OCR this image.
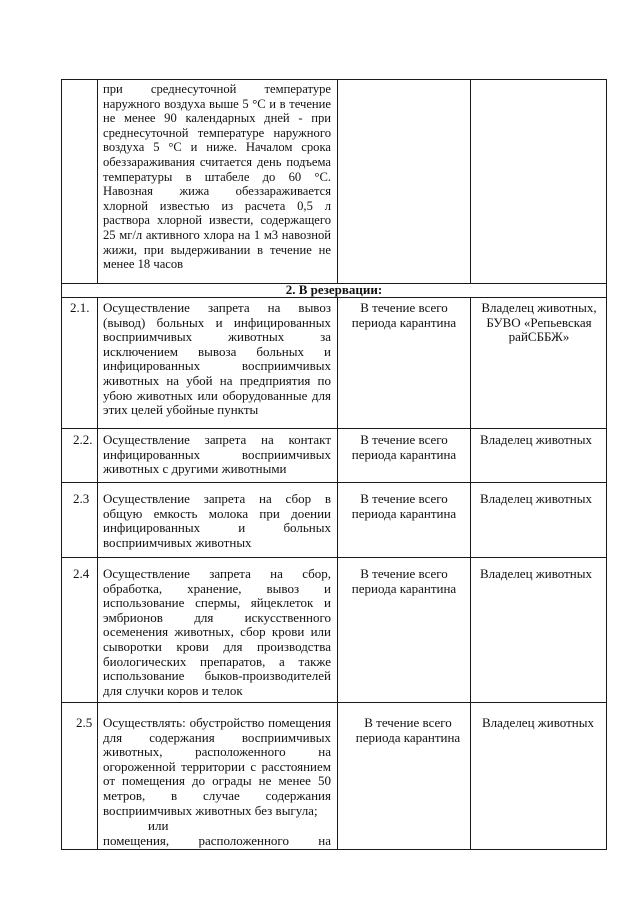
при среднесуточной температуре наружного воздуха выше 5 °С и в течение не менее 90 календарных дней - при среднесуточной температуре наружного воздуха 5 °С и ниже. Началом срока обеззараживания считается день подъема температуры в штабеле до 60 °С. Навозная жижа обеззараживается хлорной известью из расчета 0,5 л раствора хлорной извести, содержащего 25 мг/л активного хлора на 1 м3 навозной жижи, при выдерживании в течение не менее 18 часов
2. В резервации:
2.1. Осуществление запрета на вывоз (вывод) больных и инфицированных восприимчивых животных за исключением вывоза больных и инфицированных восприимчивых животных на убой на предприятия по убою животных или оборудованные для этих целей убойные пункты
В течение всего периода карантина
Владелец животных, БУВО «Репьевская райСББЖ»
2.2. Осуществление запрета на контакт инфицированных восприимчивых животных с другими животными
В течение всего периода карантина
Владелец животных
2.3 Осуществление запрета на сбор в общую емкость молока при доении инфицированных и больных восприимчивых животных
В течение всего периода карантина
Владелец животных
2.4 Осуществление запрета на сбор, обработка, хранение, вывоз и использование спермы, яйцеклеток и эмбрионов для искусственного осеменения животных, сбор крови или сыворотки крови для производства биологических препаратов, а также использование быков-производителей для случки коров и телок
В течение всего периода карантина
Владелец животных
2.5 Осуществлять: обустройство помещения для содержания восприимчивых животных, расположенного на огороженной территории с расстоянием от помещения до ограды не менее 50 метров, в случае содержания восприимчивых животных без выгула;
или
помещения, расположенного на
В течение всего периода карантина
Владелец животных
